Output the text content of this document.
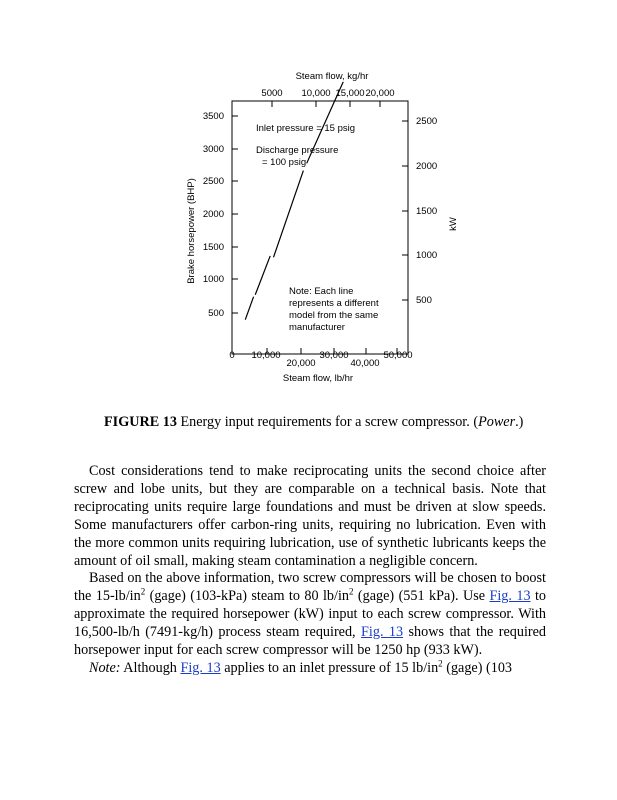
Steam flow, kg/hr
5000 10,000 15,000 20,000
3500
3000
2500
2000
1500
1000
500
Brake horsepower (BHP)
2500
2000
1500
1000
500
kW
0 10,000	30,000	50,000
20,000	40,000
Steam flow, lb/hr
Inlet pressure = 15 psig
Discharge pressure
= 100 psig
Note: Each line
represents a different
model from the same
manufacturer
FIGURE 13 Energy input requirements for a screw compressor. (Power.)

Cost considerations tend to make reciprocating units the second choice after screw and lobe units, but they are comparable on a technical basis. Note that reciprocating units require large foundations and must be driven at slow speeds. Some manufacturers offer carbon-ring units, requiring no lubrication. Even with the more common units requiring lubrication, use of synthetic lubricants keeps the amount of oil small, making steam contamination a negligible concern.

Based on the above information, two screw compressors will be chosen to boost the $15-lb/in^2$ (gage) (103-kPa) steam to 80 $lb/in^2$ (gage) (551 kPa). Use Fig. 13 to approximate the required horsepower (kW) input to each screw compressor. With 16,500-lb/h (7491-kg/h) process steam required, Fig. 13 shows that the required horsepower input for each screw compressor will be 1250 hp (933 kW).

Note: Although Fig. 13 applies to an inlet pressure of 15 $lb/in^2$ (gage) (103
